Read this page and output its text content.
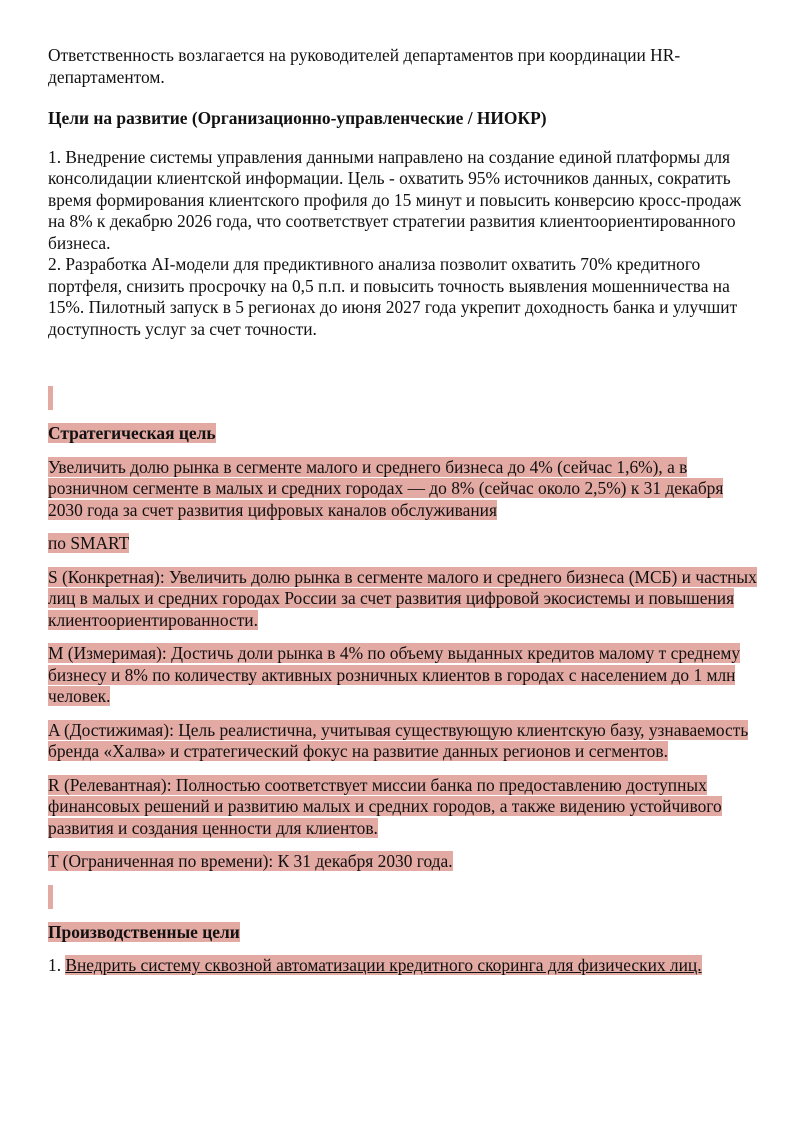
Ответственность возлагается на руководителей департаментов при координации HR-департаментом.

Цели на развитие (Организационно-управленческие / НИОКР)

1. Внедрение системы управления данными направлено на создание единой платформы для консолидации клиентской информации. Цель - охватить 95% источников данных, сократить время формирования клиентского профиля до 15 минут и повысить конверсию кросс-продаж на 8% к декабрю 2026 года, что соответствует стратегии развития клиентоориентированного бизнеса.

2. Разработка AI-модели для предиктивного анализа позволит охватить 70% кредитного портфеля, снизить просрочку на 0,5 п.п. и повысить точность выявления мошенничества на 15%. Пилотный запуск в 5 регионах до июня 2027 года укрепит доходность банка и улучшит доступность услуг за счет точности.

Стратегическая цель

Увеличить долю рынка в сегменте малого и среднего бизнеса до 4% (сейчас 1,6%), а в розничном сегменте в малых и средних городах — до 8% (сейчас около 2,5%) к 31 декабря 2030 года за счет развития цифровых каналов обслуживания

по SMART

S (Конкретная): Увеличить долю рынка в сегменте малого и среднего бизнеса (МСБ) и частных лиц в малых и средних городах России за счет развития цифровой экосистемы и повышения клиентоориентированности.

M (Измеримая): Достичь доли рынка в 4% по объему выданных кредитов малому т среднему бизнесу и 8% по количеству активных розничных клиентов в городах с населением до 1 млн человек.

A (Достижимая): Цель реалистична, учитывая существующую клиентскую базу, узнаваемость бренда «Халва» и стратегический фокус на развитие данных регионов и сегментов.

R (Релевантная): Полностью соответствует миссии банка по предоставлению доступных финансовых решений и развитию малых и средних городов, а также видению устойчивого развития и создания ценности для клиентов.

T (Ограниченная по времени): К 31 декабря 2030 года.

Производственные цели

1. Внедрить систему сквозной автоматизации кредитного скоринга для физических лиц.
